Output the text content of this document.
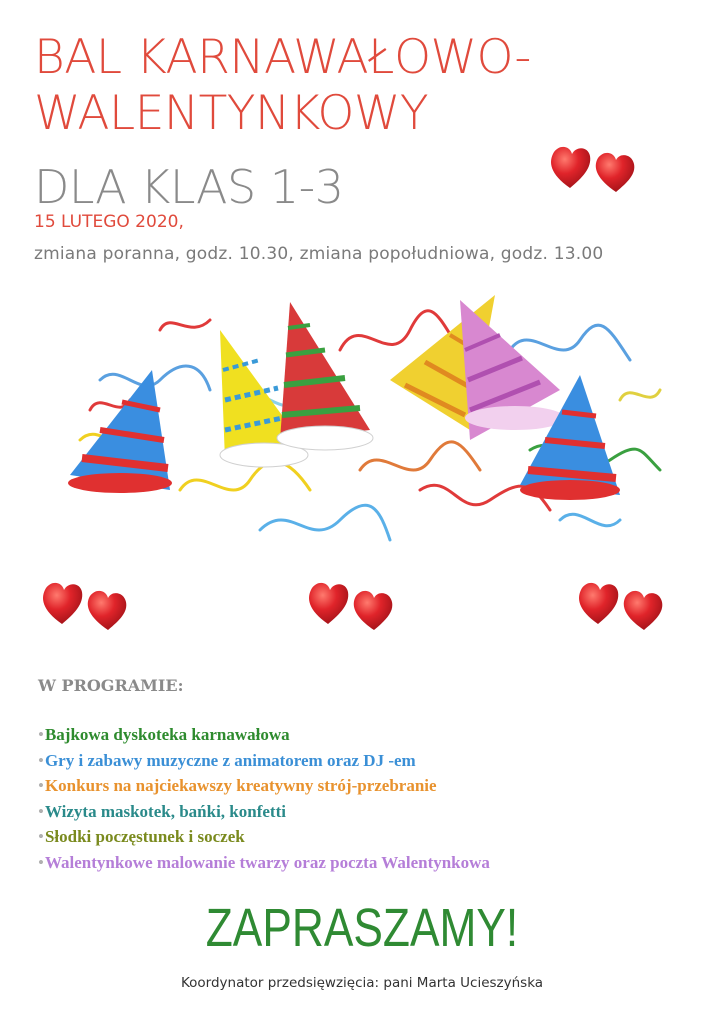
BAL KARNAWAŁOWO-
WALENTYNKOWY
DLA KLAS 1-3
15 LUTEGO 2020,
zmiana poranna, godz. 10.30, zmiana popołudniowa, godz. 13.00
W PROGRAMIE:
•Bajkowa dyskoteka karnawałowa
•Gry i zabawy muzyczne z animatorem oraz DJ -em
•Konkurs na najciekawszy kreatywny strój-przebranie
•Wizyta maskotek, bańki, konfetti
•Słodki poczęstunek i soczek
•Walentynkowe malowanie twarzy oraz poczta Walentynkowa
ZAPRASZAMY!
Koordynator przedsięwzięcia: pani Marta Ucieszyńska
